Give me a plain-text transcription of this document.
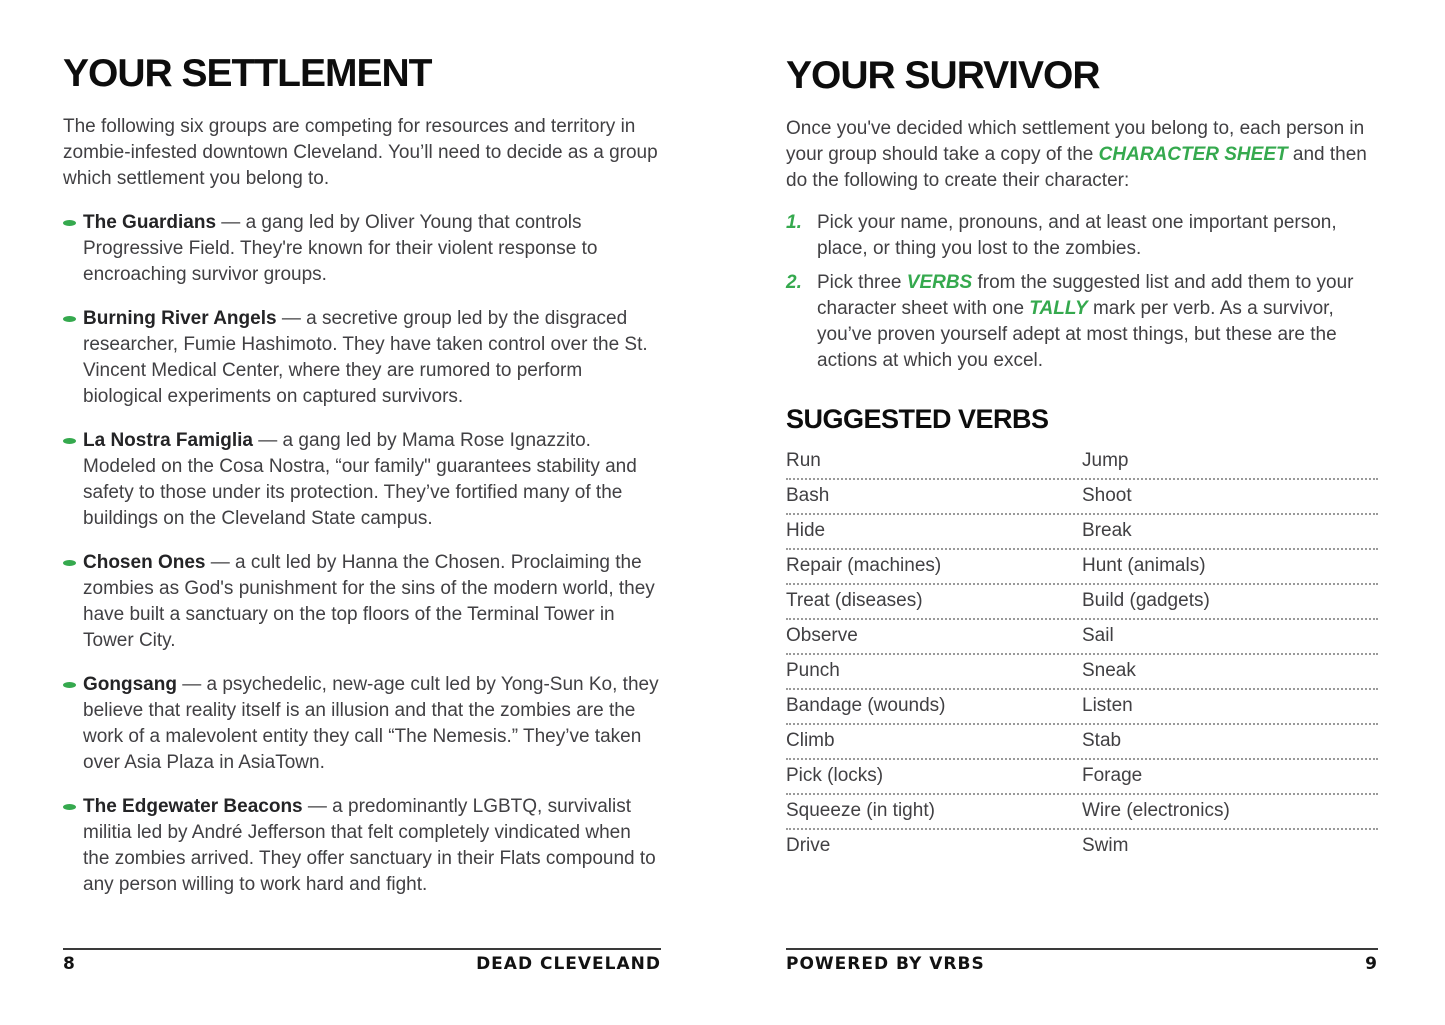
YOUR SETTLEMENT

The following six groups are competing for resources and territory in zombie-infested downtown Cleveland. You’ll need to decide as a group which settlement you belong to.

The Guardians — a gang led by Oliver Young that controls Progressive Field. They're known for their violent response to encroaching survivor groups.
Burning River Angels — a secretive group led by the disgraced researcher, Fumie Hashimoto. They have taken control over the St. Vincent Medical Center, where they are rumored to perform biological experiments on captured survivors.
La Nostra Famiglia — a gang led by Mama Rose Ignazzito. Modeled on the Cosa Nostra, “our family" guarantees stability and safety to those under its protection. They’ve fortified many of the buildings on the Cleveland State campus.
Chosen Ones — a cult led by Hanna the Chosen. Proclaiming the zombies as God's punishment for the sins of the modern world, they have built a sanctuary on the top floors of the Terminal Tower in Tower City.
Gongsang — a psychedelic, new-age cult led by Yong-Sun Ko, they believe that reality itself is an illusion and that the zombies are the work of a malevolent entity they call “The Nemesis.” They’ve taken over Asia Plaza in AsiaTown.
The Edgewater Beacons — a predominantly LGBTQ, survivalist militia led by André Jefferson that felt completely vindicated when the zombies arrived. They offer sanctuary in their Flats compound to any person willing to work hard and fight.
8	DEAD CLEVELAND
YOUR SURVIVOR

Once you've decided which settlement you belong to, each person in your group should take a copy of the CHARACTER SHEET and then do the following to create their character:

1. Pick your name, pronouns, and at least one important person, place, or thing you lost to the zombies.
2. Pick three VERBS from the suggested list and add them to your character sheet with one TALLY mark per verb. As a survivor, you’ve proven yourself adept at most things, but these are the actions at which you excel.
SUGGESTED VERBS
Run	Jump
Bash	Shoot
Hide	Break
Repair (machines)	Hunt (animals)
Treat (diseases)	Build (gadgets)
Observe	Sail
Punch	Sneak
Bandage (wounds)	Listen
Climb	Stab
Pick (locks)	Forage
Squeeze (in tight)	Wire (electronics)
Drive	Swim
POWERED BY VRBS	9
